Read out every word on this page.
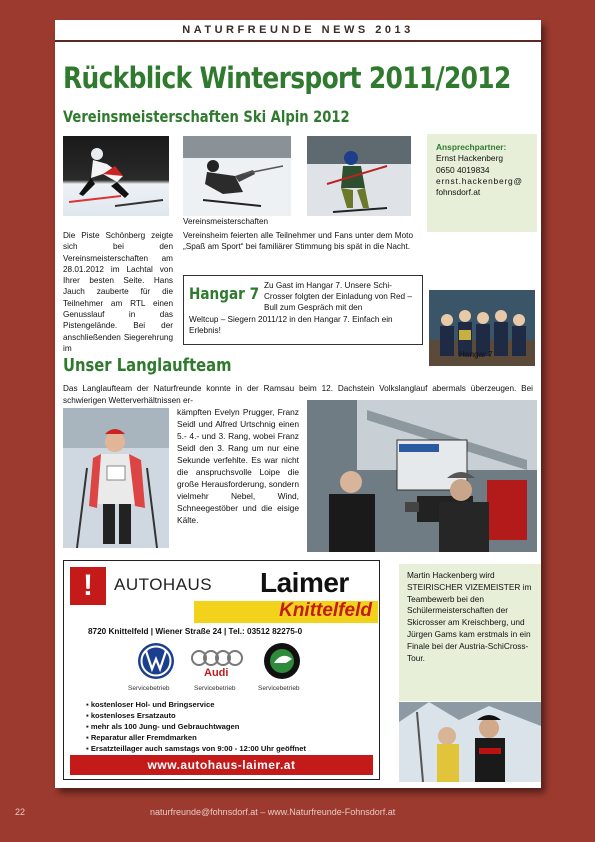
NATURFREUNDE NEWS 2013
Rückblick Wintersport 2011/2012
Vereinsmeisterschaften Ski Alpin 2012
Vereinsmeisterschaften
Die Piste Schönberg zeigte sich bei den Vereinsmeisterschaften am 28.01.2012 im Lachtal von Ihrer besten Seite. Hans Jauch zauberte für die Teilnehmer am RTL einen Genusslauf in das Pistengelände. Bei der anschließenden Siegerehrung im
Vereinsheim feierten alle Teilnehmer und Fans unter dem Moto „Spaß am Sport“ bei familiärer Stimmung bis spät in die Nacht.
Ansprechpartner:
Ernst Hackenberg
0650 4019834
ernst.hackenberg@
fohnsdorf.at
Hangar 7 Zu Gast im Hangar 7. Unsere Schi-Crosser folgten der Einladung von Red – Bull zum Gespräch mit den
Weltcup – Siegern 2011/12 in den Hangar 7. Einfach ein Erlebnis!
Hangar 7
Unser Langlaufteam
Das Langlaufteam der Naturfreunde konnte in der Ramsau beim 12. Dachstein Volkslanglauf abermals überzeugen. Bei schwierigen Wetterverhältnissen er-
kämpften Evelyn Prugger, Franz Seidl und Alfred Urtschnig einen 5.- 4.- und 3. Rang, wobei Franz Seidl den 3. Rang um nur eine Sekunde verfehlte. Es war nicht die anspruchsvolle Loipe die große Herausforderung, sondern vielmehr Nebel, Wind, Schneegestöber und die eisige Kälte.
!	AUTOHAUS Laimer
Knittelfeld
8720 Knittelfeld | Wiener Straße 24 | Tel.: 03512 82275-0
Audi
Servicebetrieb	Servicebetrieb	Servicebetrieb
▪ kostenloser Hol- und Bringservice
▪ kostenloses Ersatzauto
▪ mehr als 100 Jung- und Gebrauchtwagen
▪ Reparatur aller Fremdmarken
▪ Ersatzteillager auch samstags von 9:00 - 12:00 Uhr geöffnet
www.autohaus-laimer.at
Martin Hackenberg wird STEIRISCHER VIZEMEISTER im Teambewerb bei den Schülermeisterschaften der Skicrosser am Kreischberg, und Jürgen Gams kam erstmals in ein Finale bei der Austria-SchiCross-Tour.
22	naturfreunde@fohnsdorf.at – www.Naturfreunde-Fohnsdorf.at
